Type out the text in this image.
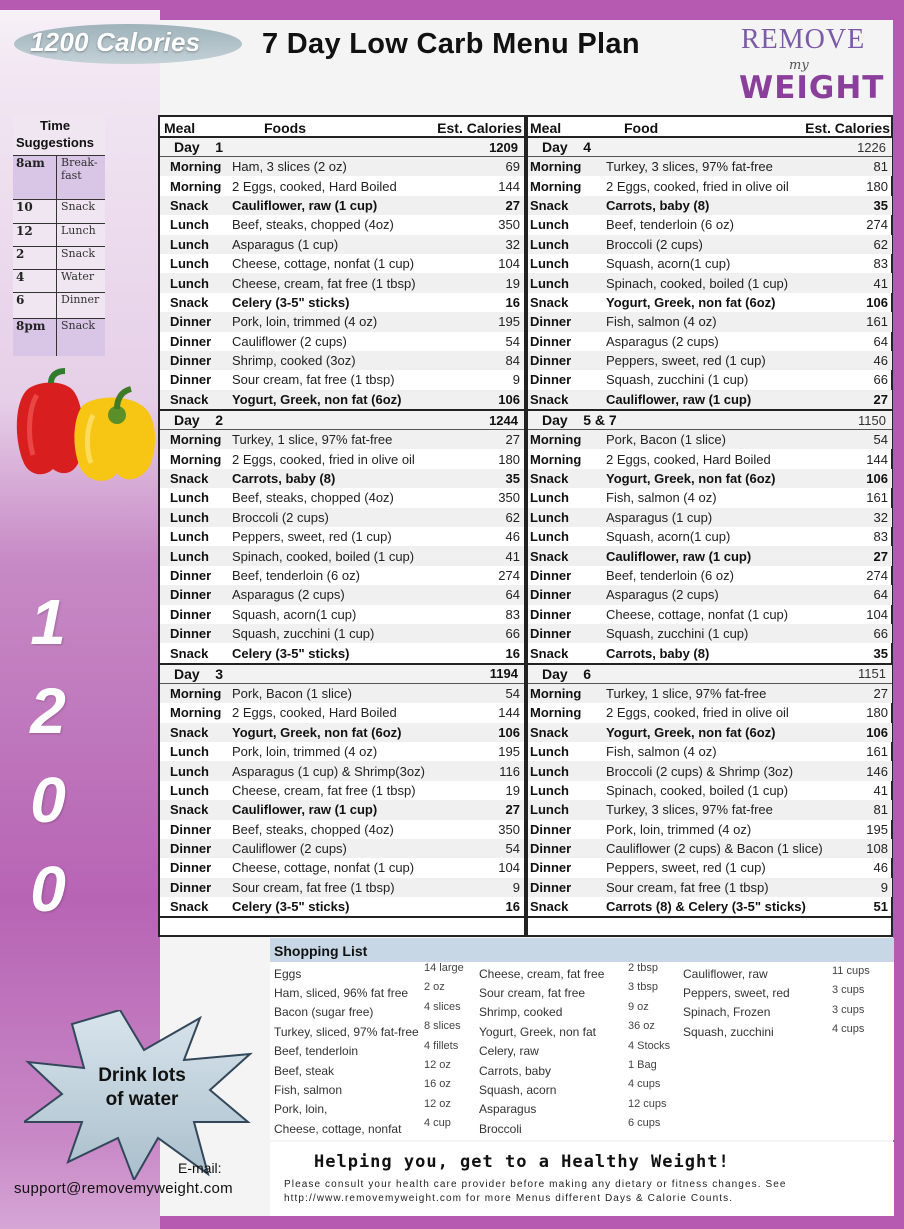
1200 Calories 7 Day Low Carb Menu Plan	REMOVE
my
WEIGHT
Time
Suggestions
8am	Break-fast
10	Snack
12	Lunch
2	Snack
4	Water
6	Dinner
8pm	Snack
1
2
0
0
Drink lots
of water
E-mail:
support@removemyweight.com
Meal	Foods	Est. Calories
Day    1	1209
Morning Ham, 3 slices (2 oz)	69
Morning 2 Eggs, cooked, Hard Boiled	144
Snack	Cauliflower, raw (1 cup)	27
Lunch	Beef, steaks, chopped (4oz)	350
Lunch	Asparagus (1 cup)	32
Lunch	Cheese, cottage, nonfat (1 cup)	104
Lunch	Cheese, cream, fat free (1 tbsp)	19
Snack	Celery (3-5" sticks)	16
Dinner	Pork, loin, trimmed (4 oz)	195
Dinner	Cauliflower (2 cups)	54
Dinner	Shrimp, cooked (3oz)	84
Dinner	Sour cream, fat free (1 tbsp)	9
Snack	Yogurt, Greek, non fat (6oz)	106
Day    2	1244
Morning Turkey, 1 slice, 97% fat-free	27
Morning 2 Eggs, cooked, fried in olive oil	180
Snack	Carrots, baby (8)	35
Lunch	Beef, steaks, chopped (4oz)	350
Lunch	Broccoli (2 cups)	62
Lunch	Peppers, sweet, red (1 cup)	46
Lunch	Spinach, cooked, boiled (1 cup)	41
Dinner	Beef, tenderloin (6 oz)	274
Dinner	Asparagus (2 cups)	64
Dinner	Squash, acorn(1 cup)	83
Dinner	Squash, zucchini (1 cup)	66
Snack	Celery (3-5" sticks)	16
Day    3	1194
Morning Pork, Bacon (1 slice)	54
Morning 2 Eggs, cooked, Hard Boiled	144
Snack	Yogurt, Greek, non fat (6oz)	106
Lunch	Pork, loin, trimmed (4 oz)	195
Lunch	Asparagus (1 cup) & Shrimp(3oz)	116
Lunch	Cheese, cream, fat free (1 tbsp)	19
Snack	Cauliflower, raw (1 cup)	27
Dinner	Beef, steaks, chopped (4oz)	350
Dinner	Cauliflower (2 cups)	54
Dinner	Cheese, cottage, nonfat (1 cup)	104
Dinner	Sour cream, fat free (1 tbsp)	9
Snack	Celery (3-5" sticks)	16
Meal	Food	Est. Calories
Day    4	1226
Morning	Turkey, 3 slices, 97% fat-free	81
Morning	2 Eggs, cooked, fried in olive oil	180
Snack	Carrots, baby (8)	35
Lunch	Beef, tenderloin (6 oz)	274
Lunch	Broccoli (2 cups)	62
Lunch	Squash, acorn(1 cup)	83
Lunch	Spinach, cooked, boiled (1 cup)	41
Snack	Yogurt, Greek, non fat (6oz)	106
Dinner	Fish, salmon (4 oz)	161
Dinner	Asparagus (2 cups)	64
Dinner	Peppers, sweet, red (1 cup)	46
Dinner	Squash, zucchini (1 cup)	66
Snack	Cauliflower, raw (1 cup)	27
Day    5 & 7	1150
Morning	Pork, Bacon (1 slice)	54
Morning	2 Eggs, cooked, Hard Boiled	144
Snack	Yogurt, Greek, non fat (6oz)	106
Lunch	Fish, salmon (4 oz)	161
Lunch	Asparagus (1 cup)	32
Lunch	Squash, acorn(1 cup)	83
Snack	Cauliflower, raw (1 cup)	27
Dinner	Beef, tenderloin (6 oz)	274
Dinner	Asparagus (2 cups)	64
Dinner	Cheese, cottage, nonfat (1 cup)	104
Dinner	Squash, zucchini (1 cup)	66
Snack	Carrots, baby (8)	35
Day    6	1151
Morning	Turkey, 1 slice, 97% fat-free	27
Morning	2 Eggs, cooked, fried in olive oil	180
Snack	Yogurt, Greek, non fat (6oz)	106
Lunch	Fish, salmon (4 oz)	161
Lunch	Broccoli (2 cups) & Shrimp (3oz)	146
Lunch	Spinach, cooked, boiled (1 cup)	41
Lunch	Turkey, 3 slices, 97% fat-free	81
Dinner	Pork, loin, trimmed (4 oz)	195
Dinner	Cauliflower (2 cups) & Bacon (1 slice)	108
Dinner	Peppers, sweet, red (1 cup)	46
Dinner	Sour cream, fat free (1 tbsp)	9
Snack	Carrots (8) & Celery (3-5" sticks)	51
Shopping List
Eggs	14 large
Ham, sliced, 96% fat free 2 oz
Bacon (sugar free)	4 slices
Turkey, sliced, 97% fat-free 8 slices
Beef, tenderloin	4 fillets
Beef, steak	12 oz
Fish, salmon	16 oz
Pork, loin,	12 oz
Cheese, cottage, nonfat 4 cup
Cheese, cream, fat free 2 tbsp
Sour cream, fat free	3 tbsp
Shrimp, cooked	9 oz
Yogurt, Greek, non fat	36 oz
Celery, raw	4 Stocks
Carrots, baby	1 Bag
Squash, acorn	4 cups
Asparagus	12 cups
Broccoli	6 cups
Cauliflower, raw	11 cups
Peppers, sweet, red	3 cups
Spinach, Frozen	3 cups
Squash, zucchini	4 cups
Helping you, get to a Healthy Weight!
Please consult your health care provider before making any dietary or fitness changes. See
http://www.removemyweight.com for more Menus different Days & Calorie Counts.
